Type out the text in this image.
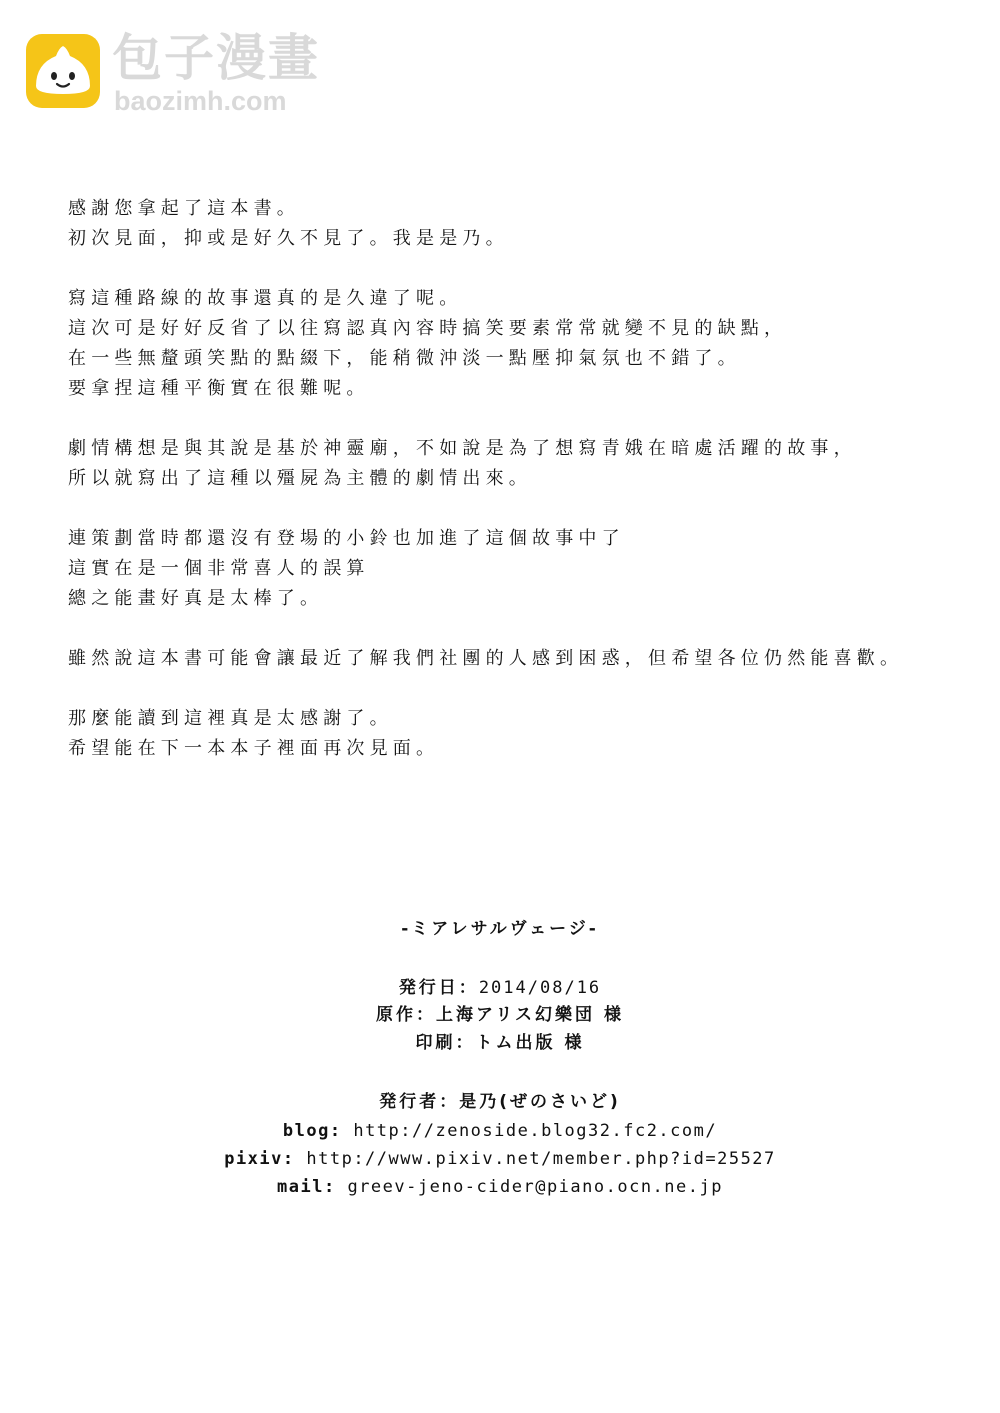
包子漫畫
baozimh.com
感謝您拿起了這本書。
初次見面，抑或是好久不見了。我是是乃。
寫這種路線的故事還真的是久違了呢。
這次可是好好反省了以往寫認真內容時搞笑要素常常就變不見的缺點，
在一些無釐頭笑點的點綴下，能稍微沖淡一點壓抑氣氛也不錯了。
要拿捏這種平衡實在很難呢。
劇情構想是與其說是基於神靈廟，不如說是為了想寫青娥在暗處活躍的故事，
所以就寫出了這種以殭屍為主體的劇情出來。
連策劃當時都還沒有登場的小鈴也加進了這個故事中了
這實在是一個非常喜人的誤算
總之能畫好真是太棒了。
雖然說這本書可能會讓最近了解我們社團的人感到困惑，但希望各位仍然能喜歡。
那麼能讀到這裡真是太感謝了。
希望能在下一本本子裡面再次見面。
-ミアレサルヴェージ-
発行日：2014/08/16
原作：上海アリス幻樂団 様
印刷：トム出版 様
発行者：是乃(ぜのさいど)
blog: http://zenoside.blog32.fc2.com/
pixiv: http://www.pixiv.net/member.php?id=25527
mail: greev-jeno-cider@piano.ocn.ne.jp
